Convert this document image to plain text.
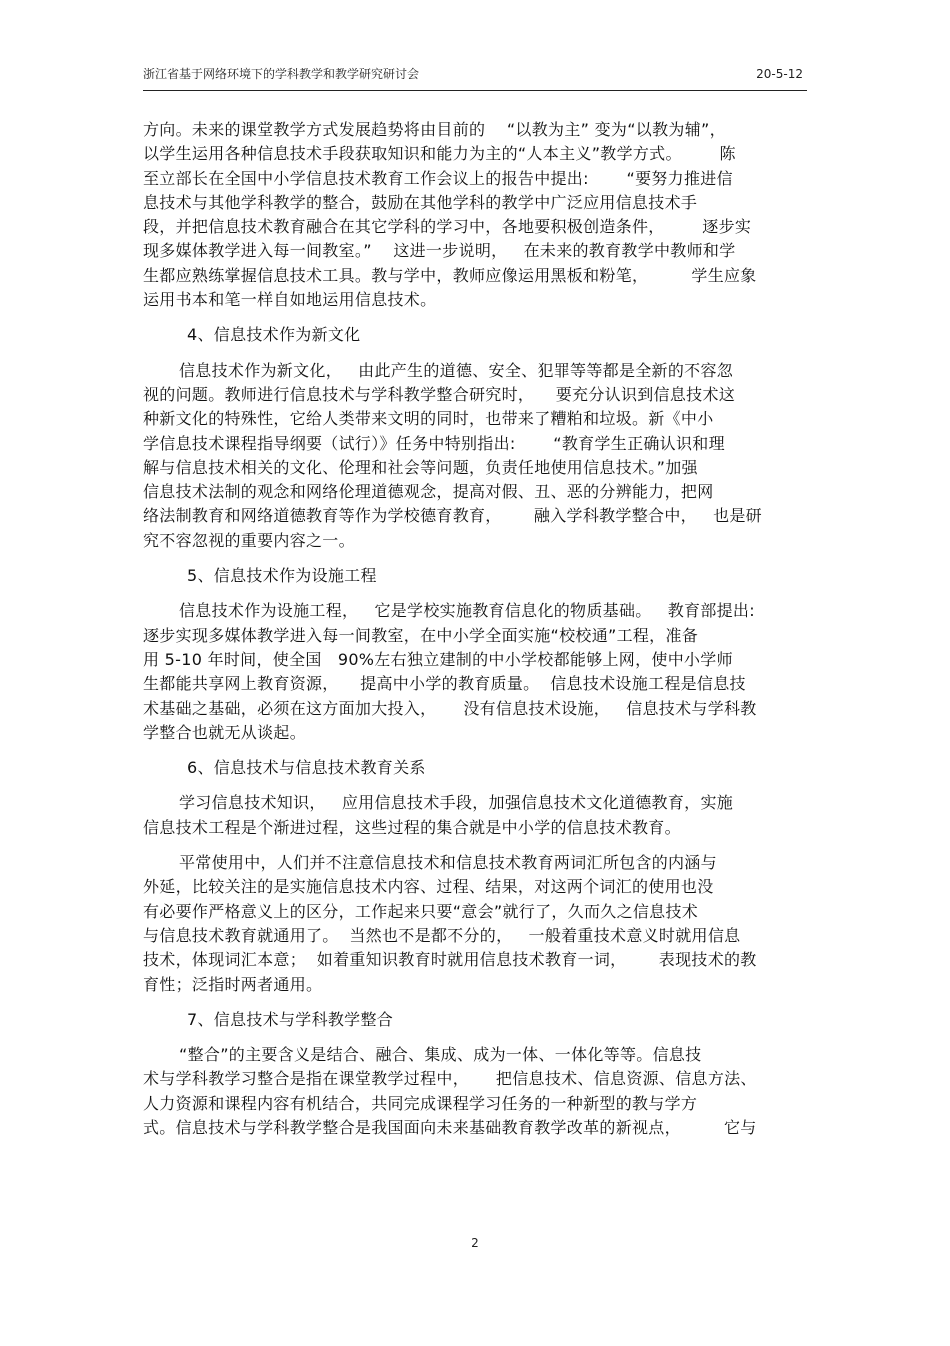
浙江省基于网络环境下的学科教学和教学研究研讨会	20-5-12
方向。未来的课堂教学方式发展趋势将由目前的    “以教为主” 变为“以教为辅”，
以学生运用各种信息技术手段获取知识和能力为主的“人本主义”教学方式。       陈
至立部长在全国中小学信息技术教育工作会议上的报告中提出:       “要努力推进信
息技术与其他学科教学的整合，鼓励在其他学科的教学中广泛应用信息技术手
段，并把信息技术教育融合在其它学科的学习中，各地要积极创造条件，       逐步实
现多媒体教学进入每一间教室。”    这进一步说明，   在未来的教育教学中教师和学
生都应熟练掌握信息技术工具。教与学中，教师应像运用黑板和粉笔，        学生应象
运用书本和笔一样自如地运用信息技术。
4、信息技术作为新文化
信息技术作为新文化，   由此产生的道德、安全、犯罪等等都是全新的不容忽
视的问题。教师进行信息技术与学科教学整合研究时，    要充分认识到信息技术这
种新文化的特殊性，它给人类带来文明的同时，也带来了糟粕和垃圾。新《中小
学信息技术课程指导纲要（试行）》任务中特别指出:       “教育学生正确认识和理
解与信息技术相关的文化、伦理和社会等问题，负责任地使用信息技术。”加强
信息技术法制的观念和网络伦理道德观念，提高对假、丑、恶的分辨能力，把网
络法制教育和网络道德教育等作为学校德育教育，      融入学科教学整合中，   也是研
究不容忽视的重要内容之一。
5、信息技术作为设施工程
信息技术作为设施工程，   它是学校实施教育信息化的物质基础。   教育部提出:
逐步实现多媒体教学进入每一间教室，在中小学全面实施“校校通”工程，准备
用 5-10 年时间，使全国   90%左右独立建制的中小学校都能够上网，使中小学师
生都能共享网上教育资源，    提高中小学的教育质量。  信息技术设施工程是信息技
术基础之基础，必须在这方面加大投入，     没有信息技术设施，   信息技术与学科教
学整合也就无从谈起。
6、信息技术与信息技术教育关系
学习信息技术知识，   应用信息技术手段，加强信息技术文化道德教育，实施
信息技术工程是个渐进过程，这些过程的集合就是中小学的信息技术教育。
平常使用中，人们并不注意信息技术和信息技术教育两词汇所包含的内涵与
外延，比较关注的是实施信息技术内容、过程、结果，对这两个词汇的使用也没
有必要作严格意义上的区分，工作起来只要“意会”就行了，久而久之信息技术
与信息技术教育就通用了。  当然也不是都不分的，   一般着重技术意义时就用信息
技术，体现词汇本意；  如着重知识教育时就用信息技术教育一词，      表现技术的教
育性；泛指时两者通用。
7、信息技术与学科教学整合
“整合”的主要含义是结合、融合、集成、成为一体、一体化等等。信息技
术与学科教学习整合是指在课堂教学过程中，     把信息技术、信息资源、信息方法、
人力资源和课程内容有机结合，共同完成课程学习任务的一种新型的教与学方
式。信息技术与学科教学整合是我国面向未来基础教育教学改革的新视点，        它与
2
